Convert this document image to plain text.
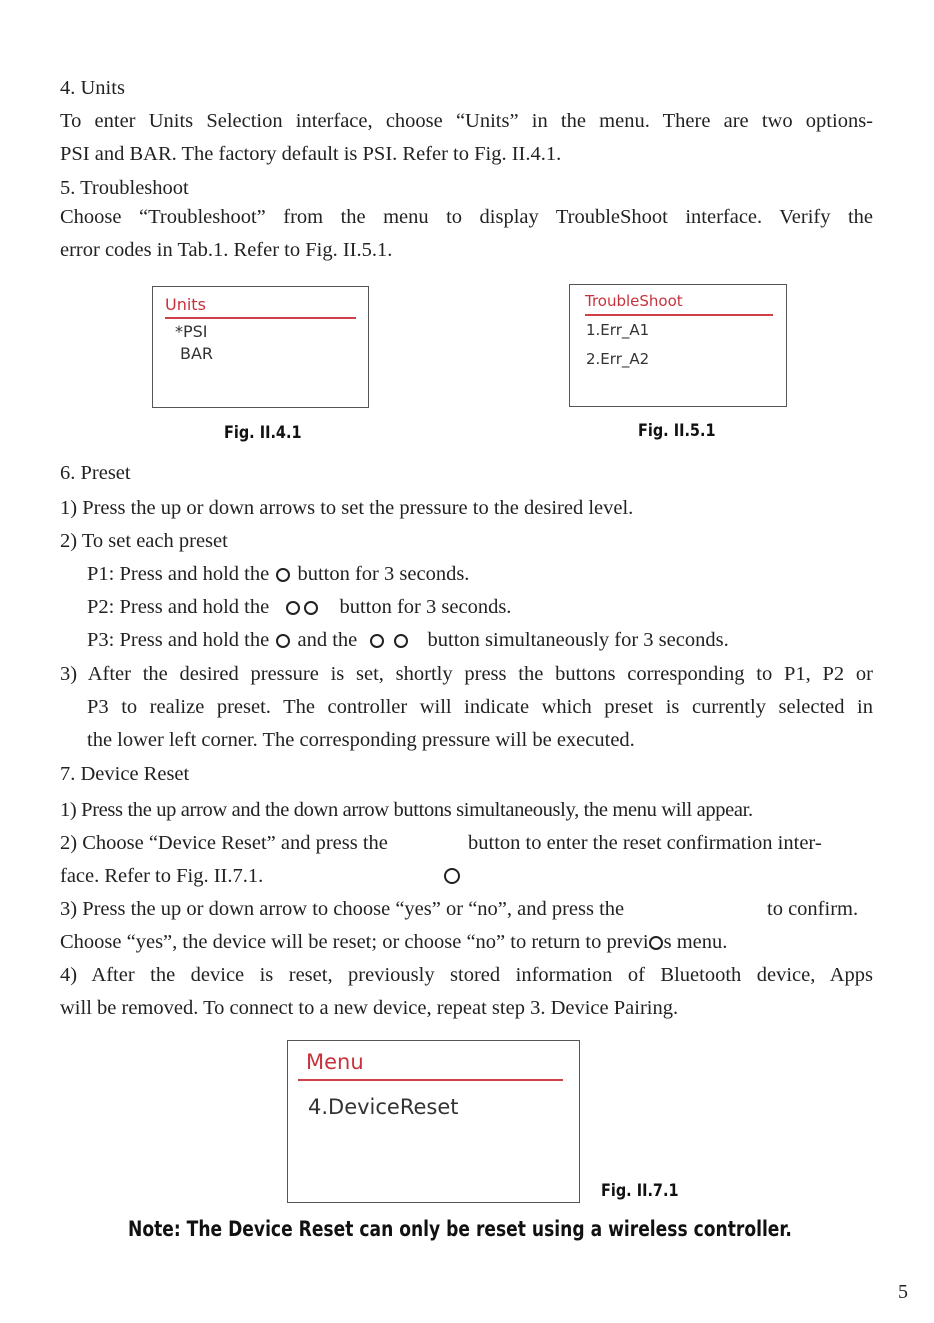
4. Units
To enter Units Selection interface, choose “Units” in the menu. There are two options-
PSI and BAR. The factory default is PSI. Refer to Fig. II.4.1.
5. Troubleshoot
Choose “Troubleshoot” from the menu to display TroubleShoot interface. Verify the
error codes in Tab.1. Refer to Fig. II.5.1.
Units
*PSI
BAR
Fig. II.4.1
TroubleShoot
1.Err_A1
2.Err_A2
Fig. II.5.1
6. Preset
1) Press the up or down arrows to set the pressure to the desired level.
2) To set each preset
P1: Press and hold the button for 3 seconds.
P2: Press and hold the	button for 3 seconds.
P3: Press and hold the and the	button simultaneously for 3 seconds.
3) After the desired pressure is set, shortly press the buttons corresponding to P1, P2 or
P3 to realize preset. The controller will indicate which preset is currently selected in
the lower left corner. The corresponding pressure will be executed.
7. Device Reset
1) Press the up arrow and the down arrow buttons simultaneously, the menu will appear.
2) Choose “Device Reset” and press the	button to enter the reset confirmation inter-
face. Refer to Fig. II.7.1.
3) Press the up or down arrow to choose “yes” or “no”, and press the	to confirm.
Choose “yes”, the device will be reset; or choose “no” to return to previ s menu.
4) After the device is reset, previously stored information of Bluetooth device, Apps
will be removed. To connect to a new device, repeat step 3. Device Pairing.
Menu
4.DeviceReset
Fig. II.7.1
Note: The Device Reset can only be reset using a wireless controller.
5
